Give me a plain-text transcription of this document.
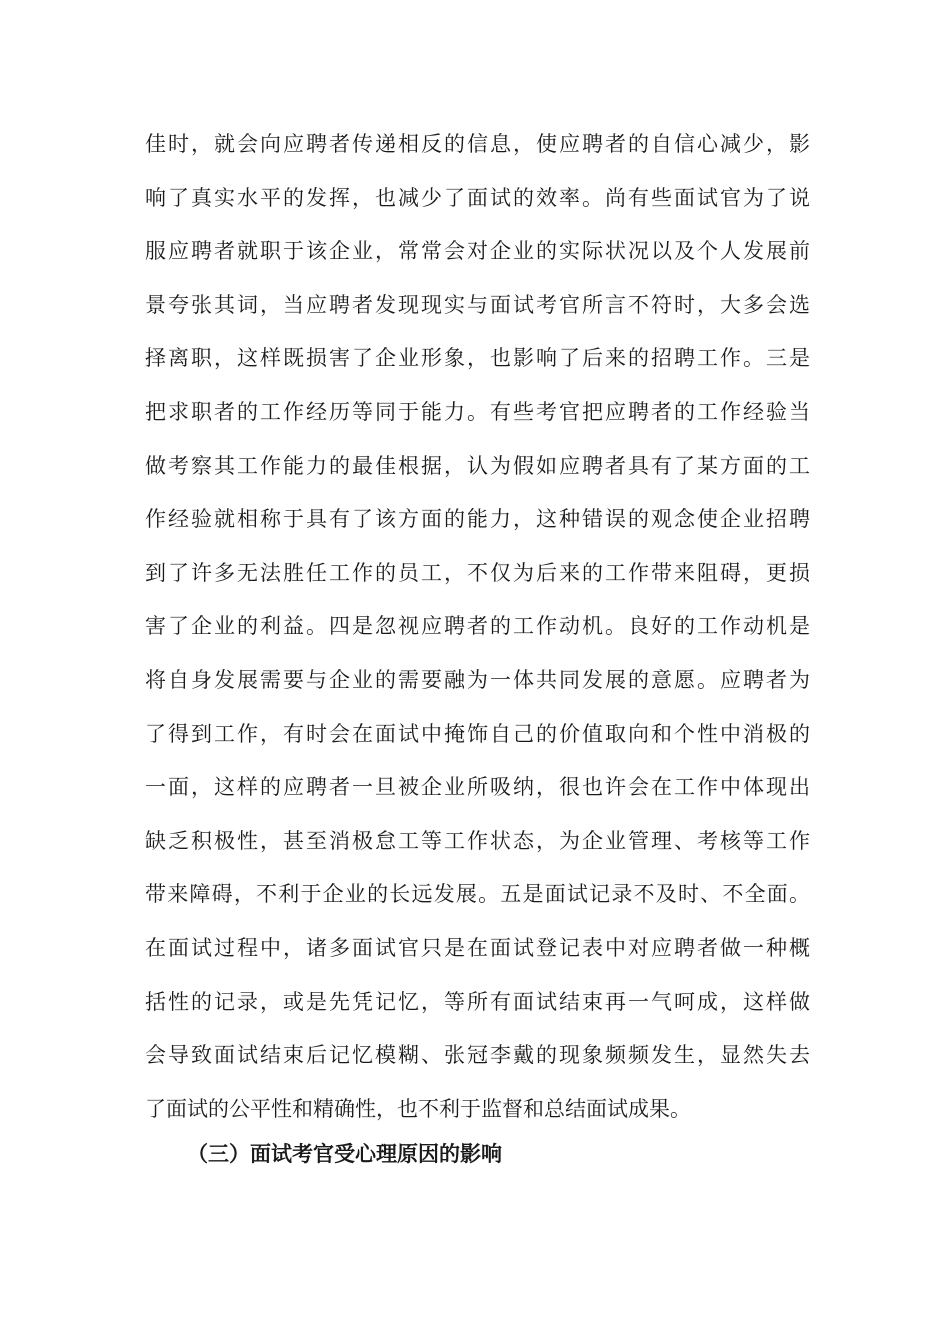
佳时，就会向应聘者传递相反的信息，使应聘者的自信心减少，影
响了真实水平的发挥，也减少了面试的效率。尚有些面试官为了说
服应聘者就职于该企业，常常会对企业的实际状况以及个人发展前
景夸张其词，当应聘者发现现实与面试考官所言不符时，大多会选
择离职，这样既损害了企业形象，也影响了后来的招聘工作。三是
把求职者的工作经历等同于能力。有些考官把应聘者的工作经验当
做考察其工作能力的最佳根据，认为假如应聘者具有了某方面的工
作经验就相称于具有了该方面的能力，这种错误的观念使企业招聘
到了许多无法胜任工作的员工，不仅为后来的工作带来阻碍，更损
害了企业的利益。四是忽视应聘者的工作动机。良好的工作动机是
将自身发展需要与企业的需要融为一体共同发展的意愿。应聘者为
了得到工作，有时会在面试中掩饰自己的价值取向和个性中消极的
一面，这样的应聘者一旦被企业所吸纳，很也许会在工作中体现出
缺乏积极性，甚至消极怠工等工作状态，为企业管理、考核等工作
带来障碍，不利于企业的长远发展。五是面试记录不及时、不全面。
在面试过程中，诸多面试官只是在面试登记表中对应聘者做一种概
括性的记录，或是先凭记忆，等所有面试结束再一气呵成，这样做
会导致面试结束后记忆模糊、张冠李戴的现象频频发生，显然失去
了面试的公平性和精确性，也不利于监督和总结面试成果。
（三）面试考官受心理原因的影响
